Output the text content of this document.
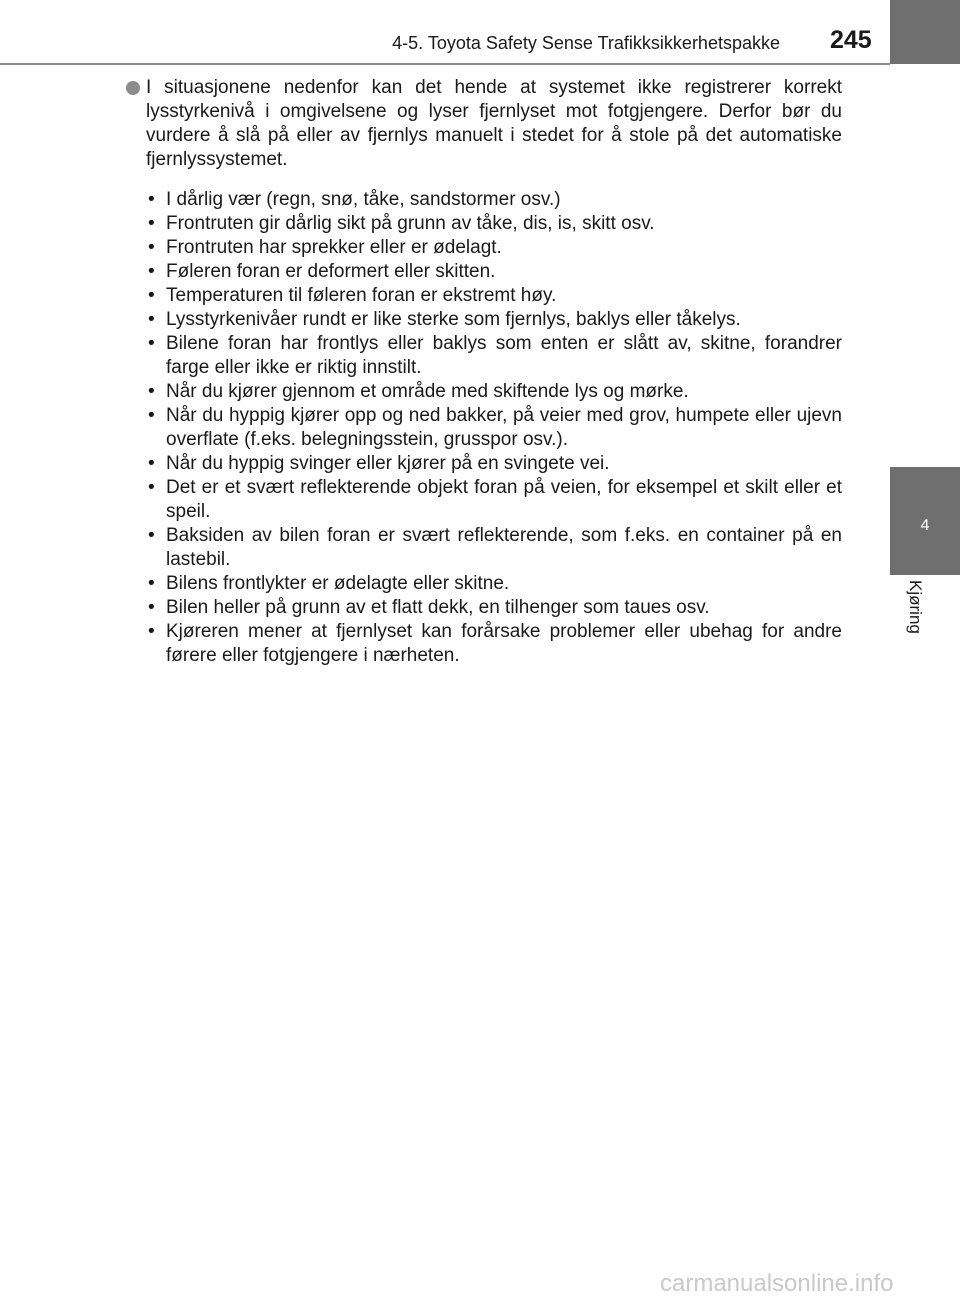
4-5. Toyota Safety Sense Trafikksikkerhetspakke 245
4
Kjøring

I situasjonene nedenfor kan det hende at systemet ikke registrerer korrekt lysstyrkenivå i omgivelsene og lyser fjernlyset mot fotgjengere. Derfor bør du vurdere å slå på eller av fjernlys manuelt i stedet for å stole på det automatiske fjernlyssystemet.

• I dårlig vær (regn, snø, tåke, sandstormer osv.)
• Frontruten gir dårlig sikt på grunn av tåke, dis, is, skitt osv.
• Frontruten har sprekker eller er ødelagt.
• Føleren foran er deformert eller skitten.
• Temperaturen til føleren foran er ekstremt høy.
• Lysstyrkenivåer rundt er like sterke som fjernlys, baklys eller tåkelys.
• Bilene foran har frontlys eller baklys som enten er slått av, skitne, forandrer farge eller ikke er riktig innstilt.
• Når du kjører gjennom et område med skiftende lys og mørke.
• Når du hyppig kjører opp og ned bakker, på veier med grov, humpete eller ujevn overflate (f.eks. belegningsstein, grusspor osv.).
• Når du hyppig svinger eller kjører på en svingete vei.
• Det er et svært reflekterende objekt foran på veien, for eksempel et skilt eller et speil.
• Baksiden av bilen foran er svært reflekterende, som f.eks. en container på en lastebil.
• Bilens frontlykter er ødelagte eller skitne.
• Bilen heller på grunn av et flatt dekk, en tilhenger som taues osv.
• Kjøreren mener at fjernlyset kan forårsake problemer eller ubehag for andre førere eller fotgjengere i nærheten.
carmanualsonline.info
